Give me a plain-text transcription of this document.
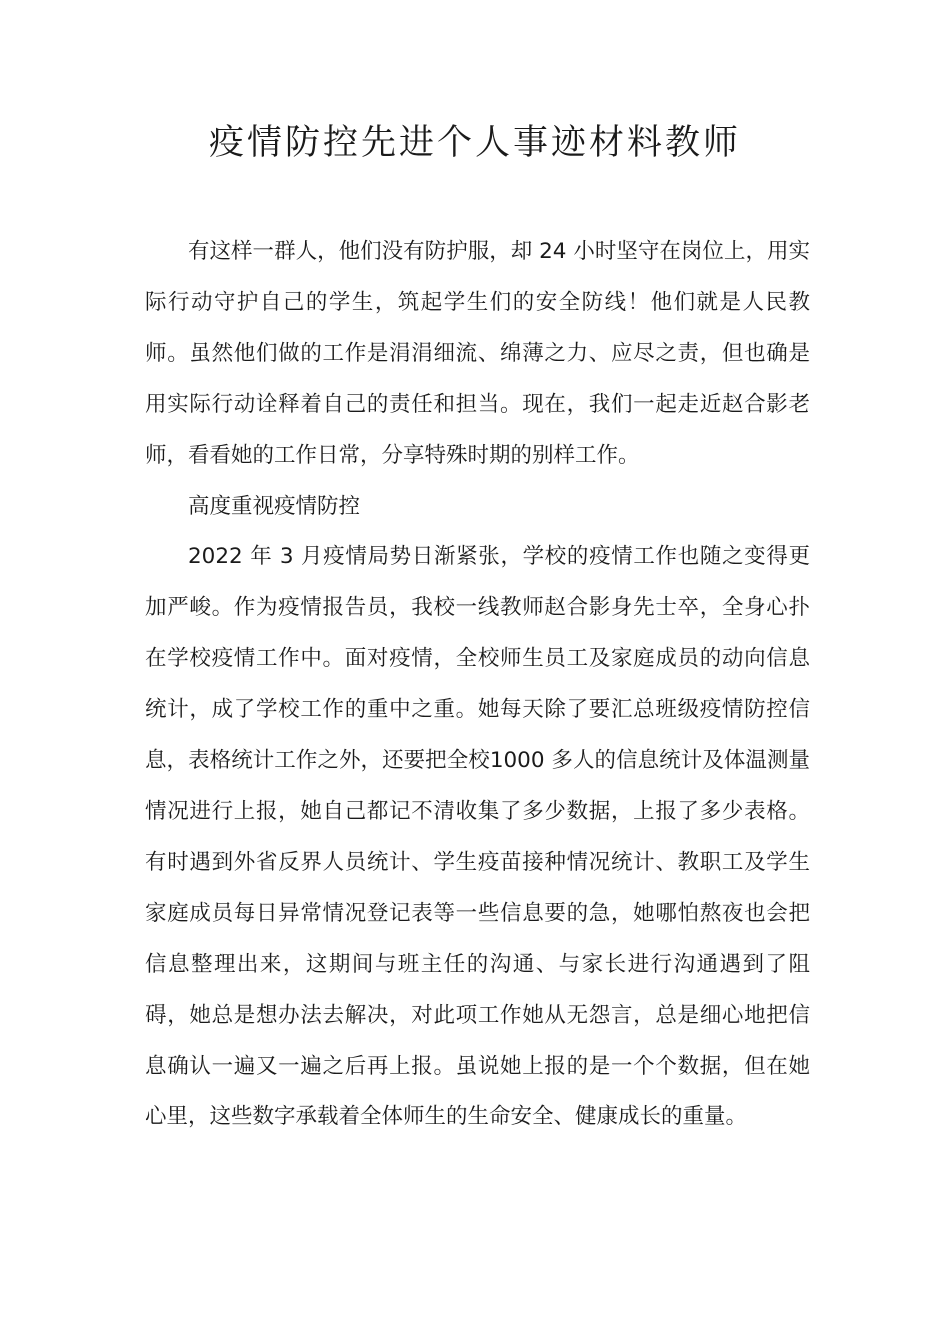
疫情防控先进个人事迹材料教师

有这样一群人，他们没有防护服，却 24 小时坚守在岗位上，用实际行动守护自己的学生，筑起学生们的安全防线！他们就是人民教师。虽然他们做的工作是涓涓细流、绵薄之力、应尽之责，但也确是用实际行动诠释着自己的责任和担当。现在，我们一起走近赵合影老师，看看她的工作日常，分享特殊时期的别样工作。

高度重视疫情防控

2022 年 3 月疫情局势日渐紧张，学校的疫情工作也随之变得更加严峻。作为疫情报告员，我校一线教师赵合影身先士卒，全身心扑在学校疫情工作中。面对疫情，全校师生员工及家庭成员的动向信息统计，成了学校工作的重中之重。她每天除了要汇总班级疫情防控信息，表格统计工作之外，还要把全校1000 多人的信息统计及体温测量情况进行上报，她自己都记不清收集了多少数据，上报了多少表格。有时遇到外省反界人员统计、学生疫苗接种情况统计、教职工及学生家庭成员每日异常情况登记表等一些信息要的急，她哪怕熬夜也会把信息整理出来，这期间与班主任的沟通、与家长进行沟通遇到了阻碍，她总是想办法去解决，对此项工作她从无怨言，总是细心地把信息确认一遍又一遍之后再上报。虽说她上报的是一个个数据，但在她心里，这些数字承载着全体师生的生命安全、健康成长的重量。
